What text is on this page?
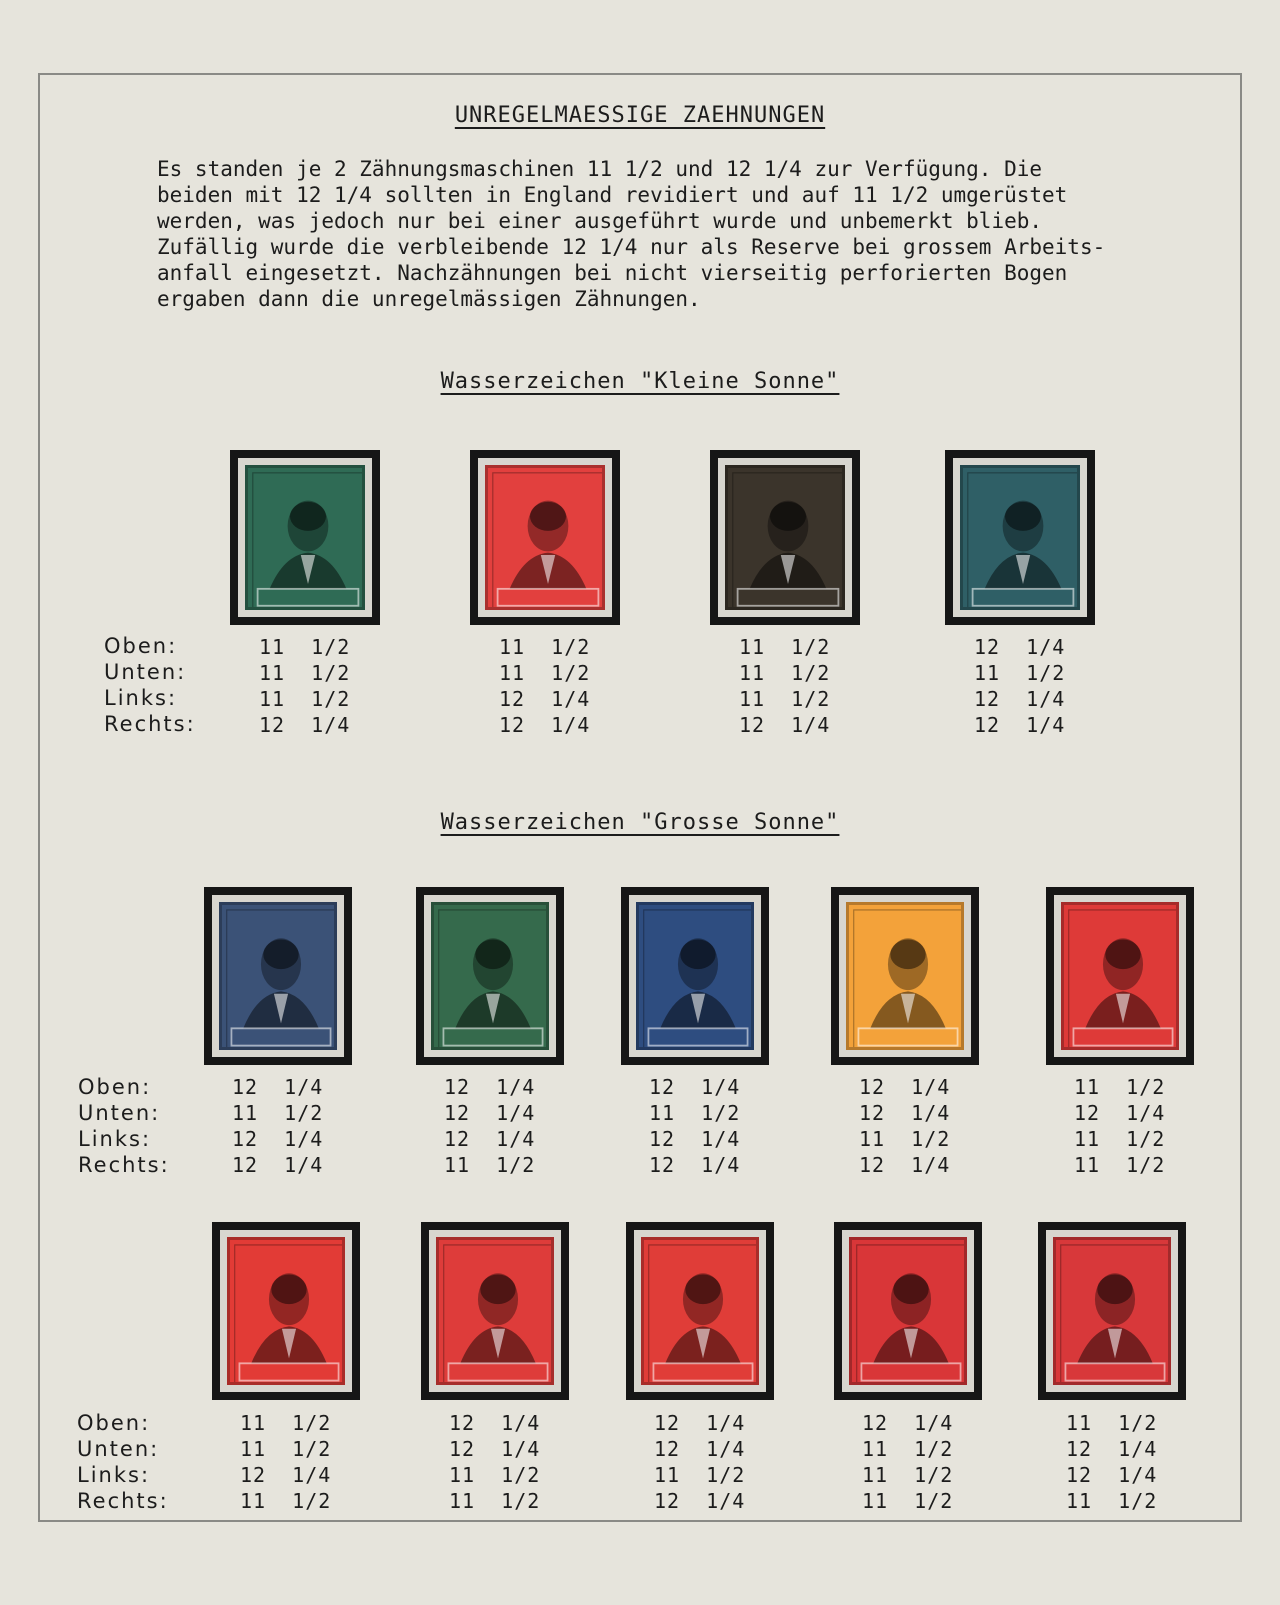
UNREGELMAESSIGE ZAEHNUNGEN
Es standen je 2 Zähnungsmaschinen 11 1/2 und 12 1/4 zur Verfügung. Die
beiden mit 12 1/4 sollten in England revidiert und auf 11 1/2 umgerüstet
werden, was jedoch nur bei einer ausgeführt wurde und unbemerkt blieb.
Zufällig wurde die verbleibende 12 1/4 nur als Reserve bei grossem Arbeits-
anfall eingesetzt. Nachzähnungen bei nicht vierseitig perforierten Bogen
ergaben dann die unregelmässigen Zähnungen.
Wasserzeichen "Kleine Sonne"
Wasserzeichen "Grosse Sonne"
Oben:
Unten:
Links:
Rechts:
Oben:
Unten:
Links:
Rechts:
Oben:
Unten:
Links:
Rechts:
11  1/2
11  1/2
11  1/2
12  1/4
11  1/2
11  1/2
12  1/4
12  1/4
11  1/2
11  1/2
11  1/2
12  1/4
12  1/4
11  1/2
12  1/4
12  1/4
12  1/4
11  1/2
12  1/4
12  1/4
12  1/4
12  1/4
12  1/4
11  1/2
12  1/4
11  1/2
12  1/4
12  1/4
12  1/4
12  1/4
11  1/2
12  1/4
11  1/2
12  1/4
11  1/2
11  1/2
11  1/2
11  1/2
12  1/4
11  1/2
12  1/4
12  1/4
11  1/2
11  1/2
12  1/4
12  1/4
11  1/2
12  1/4
12  1/4
11  1/2
11  1/2
11  1/2
11  1/2
12  1/4
12  1/4
11  1/2
